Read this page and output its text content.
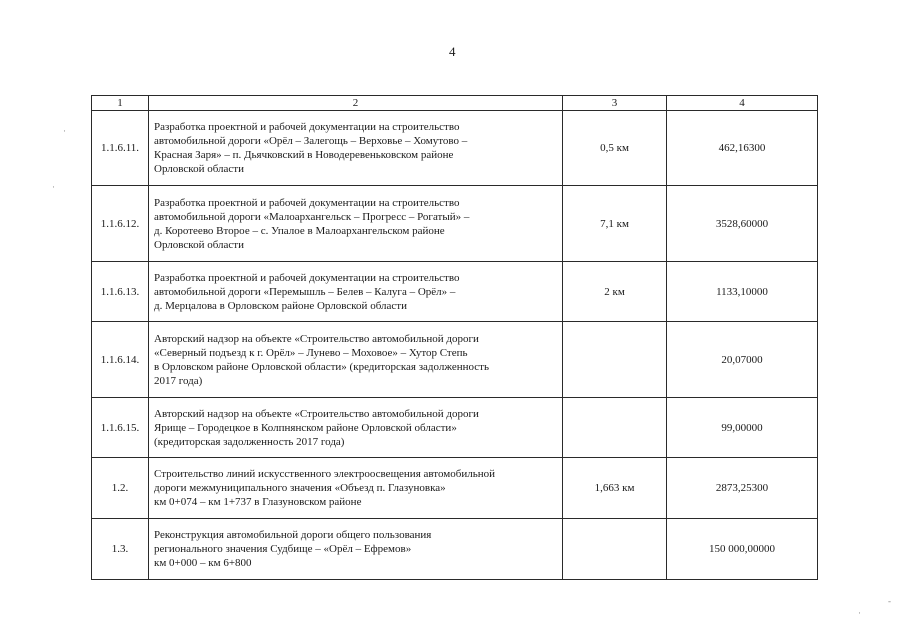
4
·
·
-
·
1	2	3	4
1.1.6.11.	Разработка проектной и рабочей документации на строительство
автомобильной дороги «Орёл – Залегощь – Верховье – Хомутово –
Красная Заря» – п. Дьячковский в Новодеревеньковском районе
Орловской области	0,5 км	462,16300
1.1.6.12.	Разработка проектной и рабочей документации на строительство
автомобильной дороги «Малоархангельск – Прогресс – Рогатый» –
д. Коротеево Второе – с. Упалое в Малоархангельском районе
Орловской области	7,1 км	3528,60000
1.1.6.13.	Разработка проектной и рабочей документации на строительство
автомобильной дороги «Перемышль – Белев – Калуга – Орёл» –
д. Мерцалова в Орловском районе Орловской области	2 км	1133,10000
1.1.6.14.	Авторский надзор на объекте «Строительство автомобильной дороги
«Северный подъезд к г. Орёл» – Лунево – Моховое» – Хутор Степь
в Орловском районе Орловской области» (кредиторская задолженность
2017 года)		20,07000
1.1.6.15.	Авторский надзор на объекте «Строительство автомобильной дороги
Ярище – Городецкое в Колпнянском районе Орловской области»
(кредиторская задолженность 2017 года)		99,00000
1.2.	Строительство линий искусственного электроосвещения автомобильной
дороги межмуниципального значения «Объезд п. Глазуновка»
км 0+074 – км 1+737 в Глазуновском районе	1,663 км	2873,25300
1.3.	Реконструкция автомобильной дороги общего пользования
регионального значения Судбище – «Орёл – Ефремов»
км 0+000 – км 6+800		150 000,00000
